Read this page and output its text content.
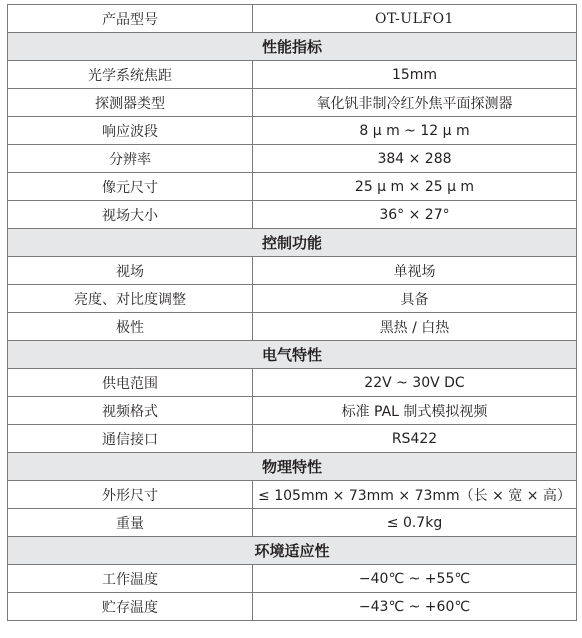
产品型号	OT-ULFO1
性能指标	
光学系统焦距	15mm
探测器类型	氧化钒非制冷红外焦平面探测器
响应波段	8 μ m ~ 12 μ m
分辨率	384 × 288
像元尺寸	25 μ m × 25 μ m
视场大小	36° × 27°
控制功能	
视场	单视场
亮度、对比度调整	具备
极性	黑热 / 白热
电气特性	
供电范围	22V ~ 30V DC
视频格式	标准 PAL 制式模拟视频
通信接口	RS422
物理特性	
外形尺寸	≤ 105mm × 73mm × 73mm（长 × 宽 × 高）
重量	≤ 0.7kg
环境适应性	
工作温度	−40℃ ~ +55℃
贮存温度	−43℃ ~ +60℃
